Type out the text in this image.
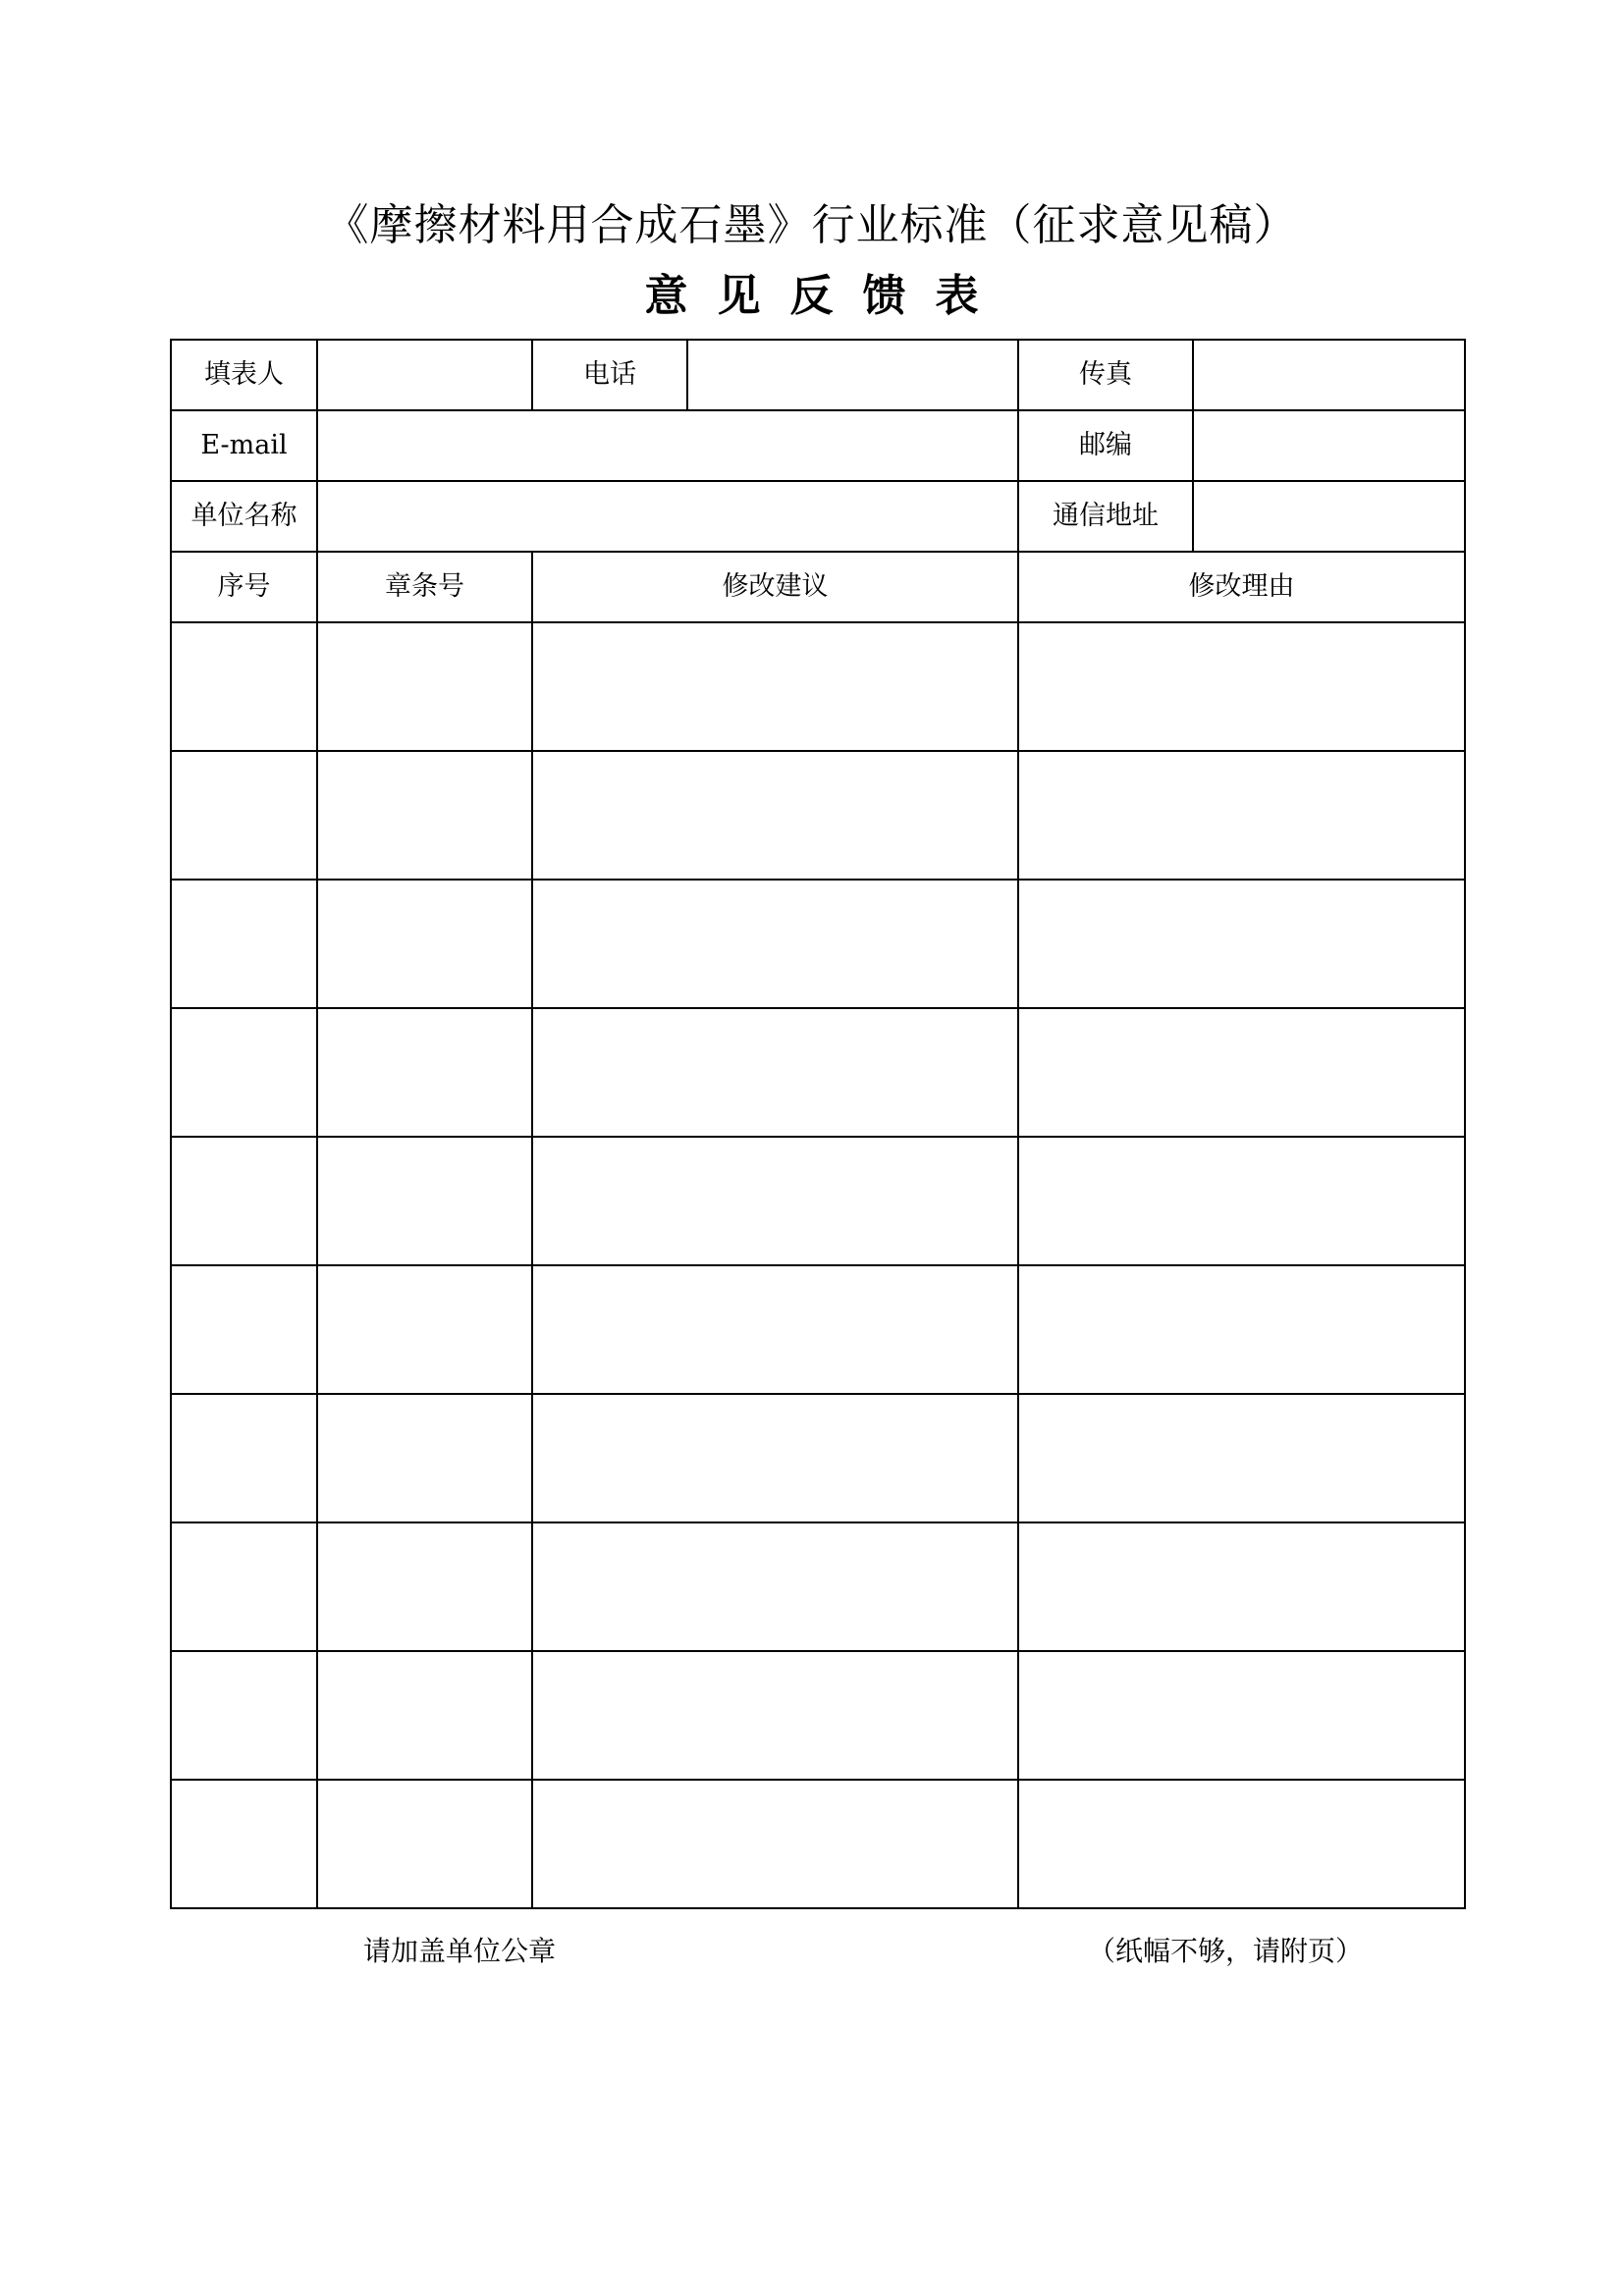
《摩擦材料用合成石墨》行业标准（征求意见稿）
意见反馈表
填表人		电话		传真	
E-mail				邮编	
单位名称				通信地址	
序号	章条号	修改建议		修改理由	

请加盖单位公章	（纸幅不够，请附页）
